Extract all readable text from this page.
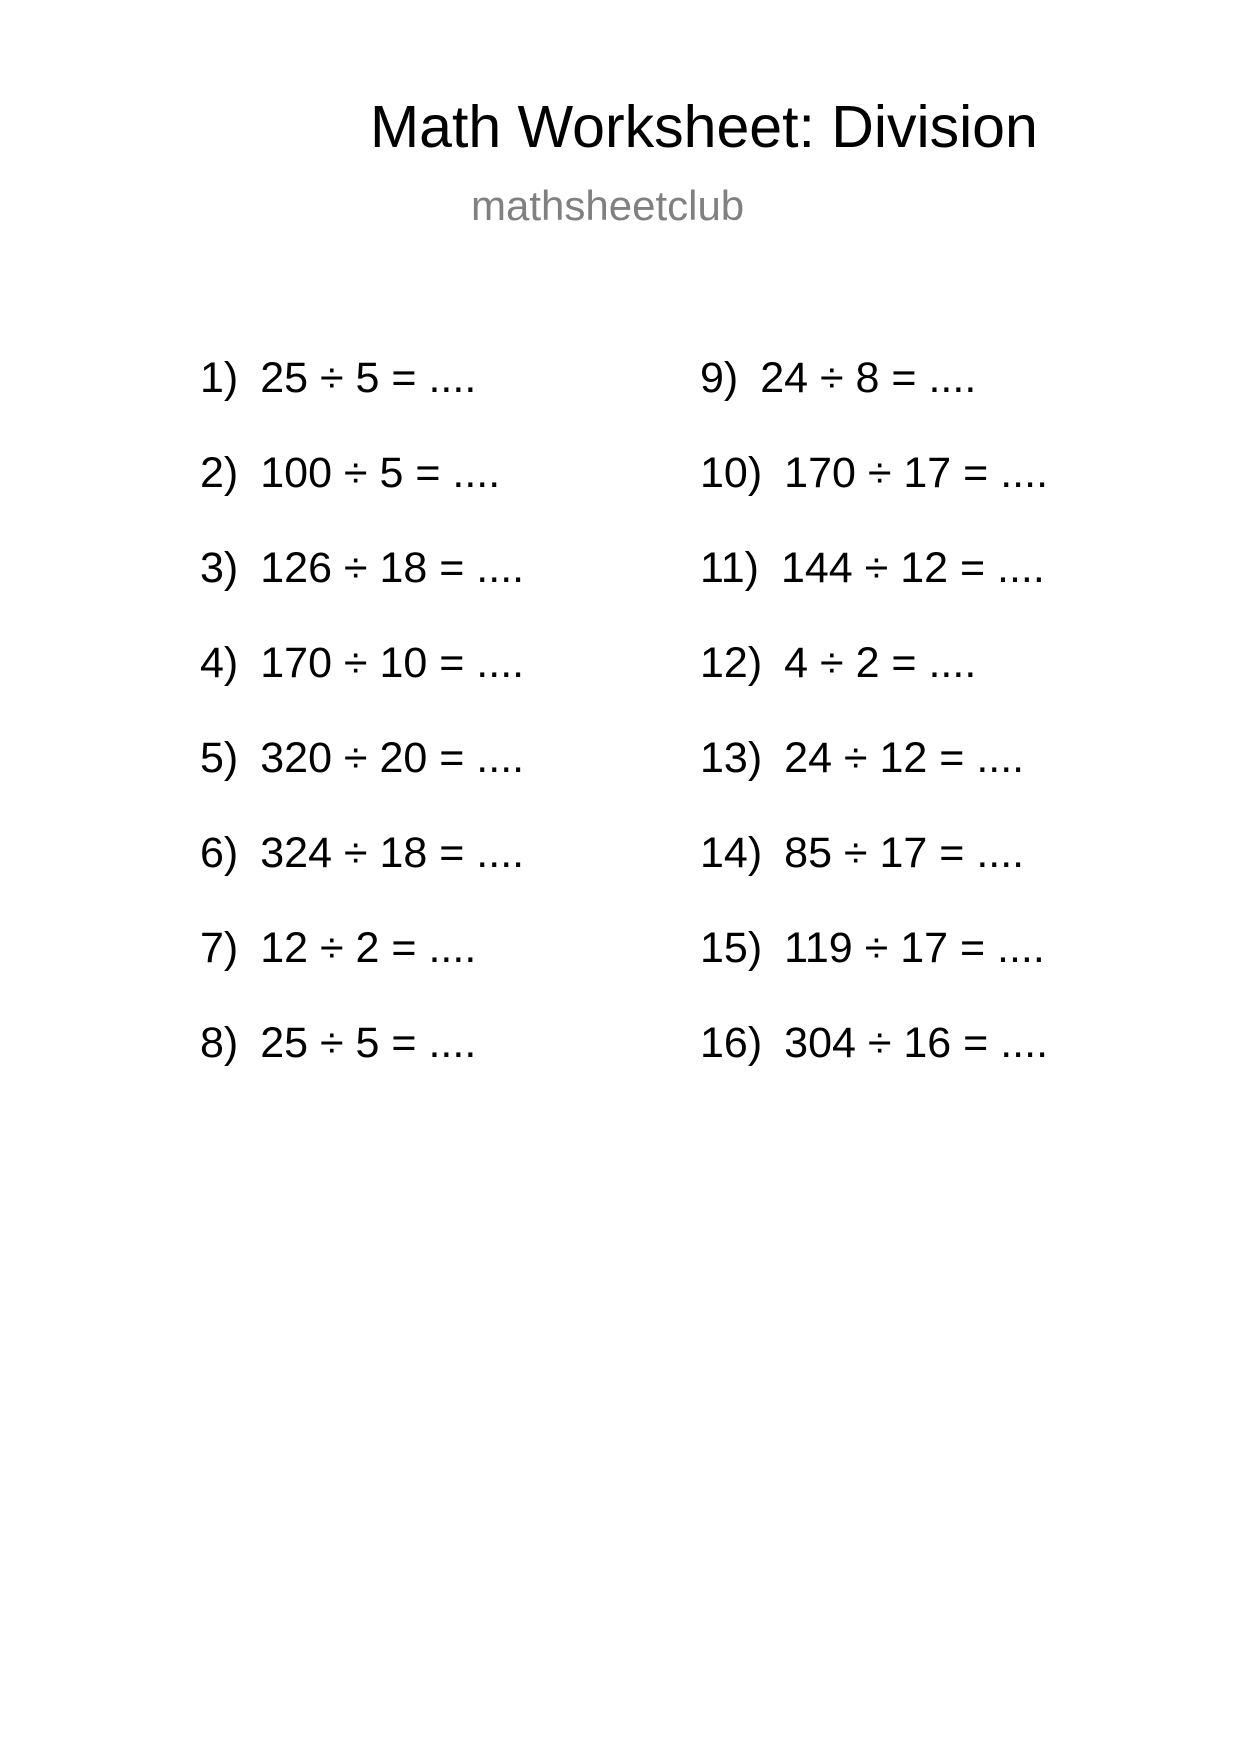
Math Worksheet: Division
mathsheetclub
1) 25 ÷ 5 = ....
2) 100 ÷ 5 = ....
3) 126 ÷ 18 = ....
4) 170 ÷ 10 = ....
5) 320 ÷ 20 = ....
6) 324 ÷ 18 = ....
7) 12 ÷ 2 = ....
8) 25 ÷ 5 = ....
9) 24 ÷ 8 = ....
10) 170 ÷ 17 = ....
11) 144 ÷ 12 = ....
12) 4 ÷ 2 = ....
13) 24 ÷ 12 = ....
14) 85 ÷ 17 = ....
15) 119 ÷ 17 = ....
16) 304 ÷ 16 = ....
